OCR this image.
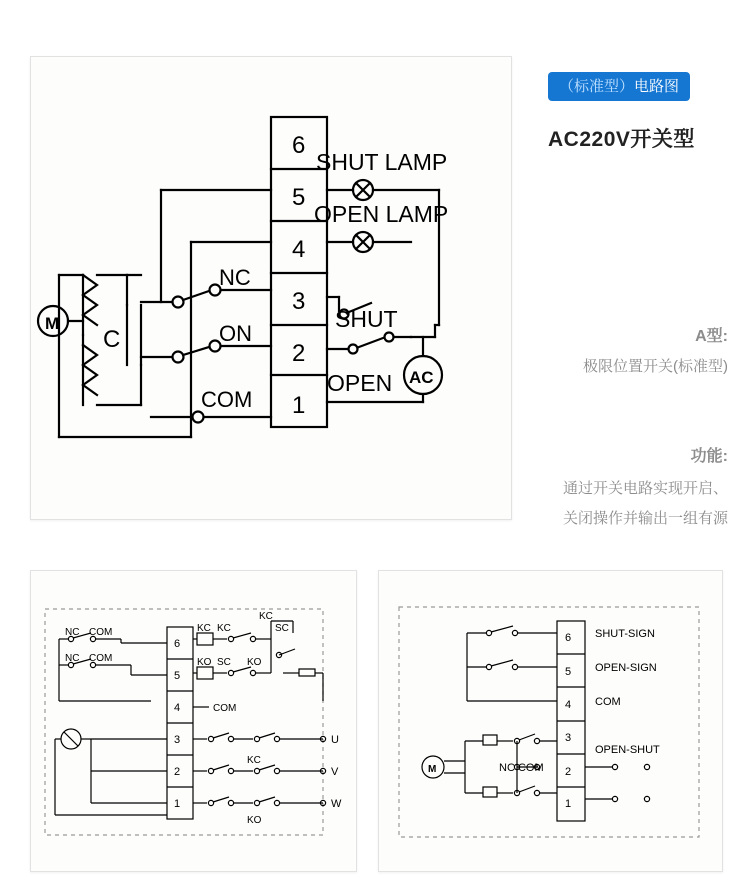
6
5
4
3
2
1
SHUT LAMP
OPEN LAMP
NC
ON
COM
SHUT
OPEN
M
AC
C
（标准型）电路图
AC220V开关型
A型:
极限位置开关(标准型)
功能:
通过开关电路实现开启、
关闭操作并输出一组有源
6
5
4
3
2
1
NC COM
NC COM
KC KC
KO SC
KC
SC
KO
COM
KC
KO
U
V
W
6
5
4
3
2
1
SHUT-SIGN
OPEN-SIGN
COM
OPEN-SHUT
NC COM
M
